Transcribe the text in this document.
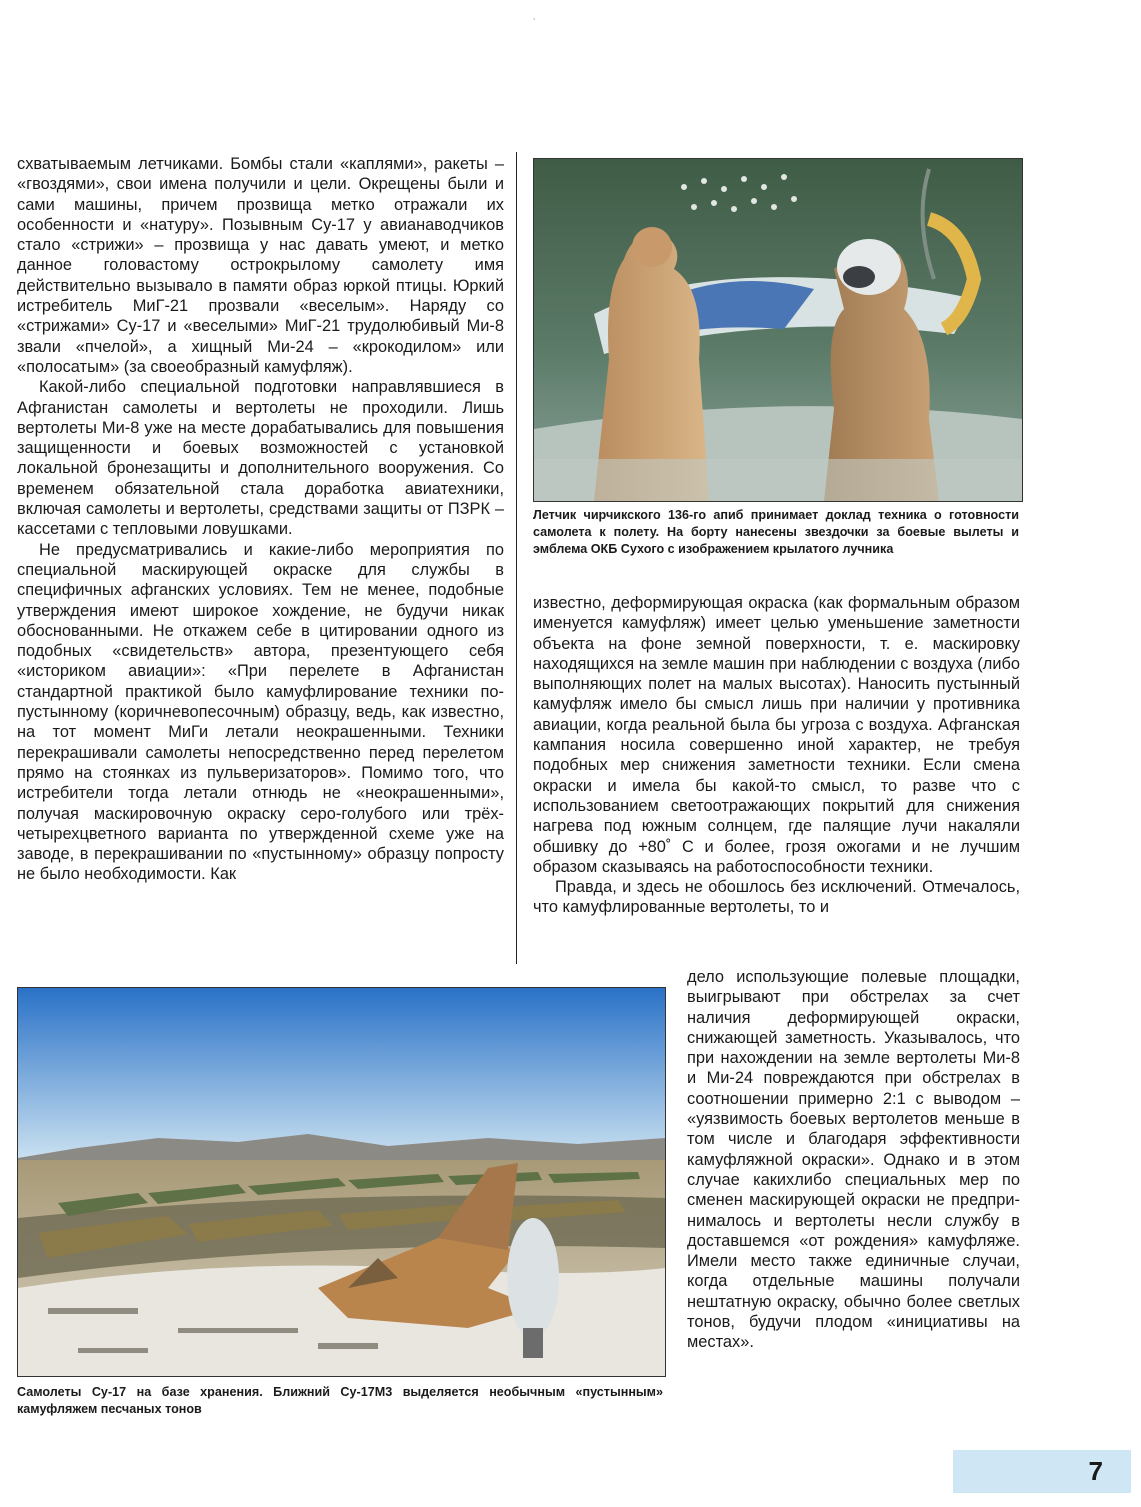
,

схватываемым летчиками. Бомбы стали «каплями», ракеты – «гвоздями», свои имена получили и цели. Окрещены были и сами машины, причем прозвища метко отражали их особенности и «натуру». Позывным Су-17 у авианаводчиков стало «стрижи» – прозвища у нас давать умеют, и метко данное головастому острокрылому самолету имя действительно вызывало в памяти образ юркой птицы. Юркий истребитель МиГ-21 прозвали «веселым». Наряду со «стрижами» Су-17 и «веселыми» МиГ-21 трудолюбивый Ми-8 звали «пчелой», а хищный Ми-24 – «крокодилом» или «полосатым» (за своеобразный камуфляж).

Какой-либо специальной подготовки направлявшиеся в Афганистан самолеты и вертолеты не проходили. Лишь вертолеты Ми-8 уже на месте дорабатывались для повышения защищенности и боевых возможностей с установкой локальной бронезащиты и дополнительного вооружения. Со временем обязательной стала доработка авиатехники, включая самолеты и вертолеты, средствами защиты от ПЗРК – кассетами с тепловыми ловушками.

Не предусматривались и какие-либо мероприятия по специальной маскирующей окраске для службы в специфичных афганских условиях. Тем не менее, подобные утверждения имеют широкое хождение, не будучи никак обоснованными. Не откажем себе в цитировании одного из подобных «свидетельств» автора, презентующего себя «историком авиации»: «При перелете в Афганистан стандартной практикой было камуфлирование техники по-пустынному (коричневопесочным) образцу, ведь, как известно, на тот момент МиГи летали неокрашенными. Техники перекрашивали самолеты непосредственно перед перелетом прямо на стоянках из пульверизаторов». Помимо того, что истребители тогда летали отнюдь не «неокрашенными», получая маскировочную окраску серо-голубого или трёх-четырехцветного варианта по утвержденной схеме уже на заводе, в перекрашивании по «пустынному» образцу попросту не было необходимости. Как

Летчик чирчикского 136-го апиб принимает доклад техника о готовности самолета к полету. На борту нанесены звездочки за боевые вылеты и эмблема ОКБ Сухого с изображением крылатого лучника

известно, деформирующая окраска (как формальным образом именуется камуфляж) имеет целью уменьшение заметности объекта на фоне земной поверхности, т. е. маскировку находящихся на земле машин при наблюдении с воздуха (либо выполняющих полет на малых высотах). Наносить пустынный камуфляж имело бы смысл лишь при наличии у противника авиации, когда реальной была бы угроза с воздуха. Афганская кампания носила совершенно иной характер, не требуя подобных мер снижения заметности техники. Если смена окраски и имела бы какой-то смысл, то разве что с использованием светоотражающих покрытий для снижения нагрева под южным солнцем, где палящие лучи накаляли обшивку до +80˚ С и более, грозя ожогами и не лучшим образом сказываясь на работоспособности техники.

Правда, и здесь не обошлось без исключений. Отмечалось, что камуфлированные вертолеты, то и

Самолеты Су-17 на базе хранения. Ближний Су-17М3 выделяется необычным «пустынным» камуфляжем песчаных тонов

дело использующие полевые площадки, выигрывают при обстрелах за счет наличия деформирующей окраски, снижающей заметность. Указывалось, что при нахождении на земле вертолеты Ми-8 и Ми-24 повреждаются при обстрелах в соотношении примерно 2:1 с выводом – «уязвимость боевых вертолетов меньше в том числе и благодаря эффективности камуфляжной окраски». Однако и в этом случае какихлибо специальных мер по сменен маскирующей окраски не предпринималось и вертолеты несли службу в доставшемся «от рождения» камуфляже. Имели место также единичные случаи, когда отдельные машины получали нештатную окраску, обычно более светлых тонов, будучи плодом «инициативы на местах».

7
